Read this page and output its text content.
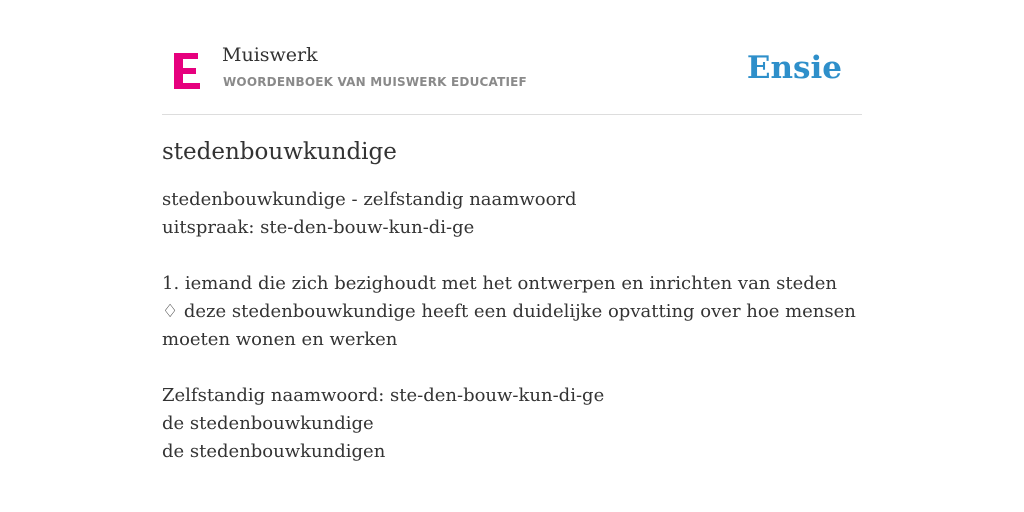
Muiswerk
WOORDENBOEK VAN MUISWERK EDUCATIEF	Ensie
stedenbouwkundige
stedenbouwkundige - zelfstandig naamwoord
uitspraak: ste-den-bouw-kun-di-ge
1. iemand die zich bezighoudt met het ontwerpen en inrichten van steden
♢ deze stedenbouwkundige heeft een duidelijke opvatting over hoe mensen
moeten wonen en werken
Zelfstandig naamwoord: ste-den-bouw-kun-di-ge
de stedenbouwkundige
de stedenbouwkundigen
